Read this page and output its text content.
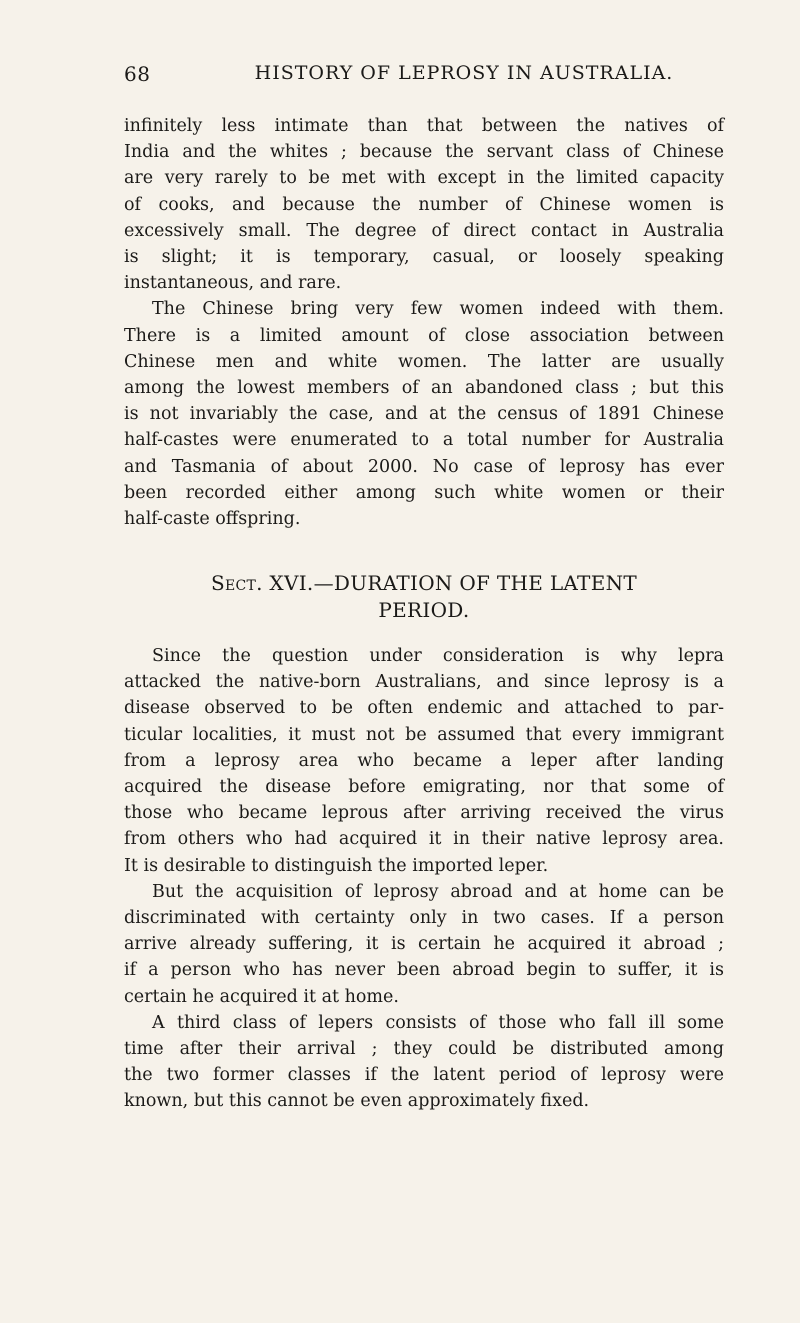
68	HISTORY OF LEPROSY IN AUSTRALIA.
infinitely less intimate than that between the natives of
India and the whites ; because the servant class of Chinese
are very rarely to be met with except in the limited capacity
of cooks, and because the number of Chinese women is
excessively small. The degree of direct contact in Australia
is slight; it is temporary, casual, or loosely speaking
instantaneous, and rare.
The Chinese bring very few women indeed with them.
There is a limited amount of close association between
Chinese men and white women. The latter are usually
among the lowest members of an abandoned class ; but this
is not invariably the case, and at the census of 1891 Chinese
half-castes were enumerated to a total number for Australia
and Tasmania of about 2000. No case of leprosy has ever
been recorded either among such white women or their
half-caste offspring.
Sect. XVI.—DURATION OF THE LATENT
PERIOD.
Since the question under consideration is why lepra
attacked the native-born Australians, and since leprosy is a
disease observed to be often endemic and attached to par-
ticular localities, it must not be assumed that every immigrant
from a leprosy area who became a leper after landing
acquired the disease before emigrating, nor that some of
those who became leprous after arriving received the virus
from others who had acquired it in their native leprosy area.
It is desirable to distinguish the imported leper.
But the acquisition of leprosy abroad and at home can be
discriminated with certainty only in two cases. If a person
arrive already suffering, it is certain he acquired it abroad ;
if a person who has never been abroad begin to suffer, it is
certain he acquired it at home.
A third class of lepers consists of those who fall ill some
time after their arrival ; they could be distributed among
the two former classes if the latent period of leprosy were
known, but this cannot be even approximately fixed.
